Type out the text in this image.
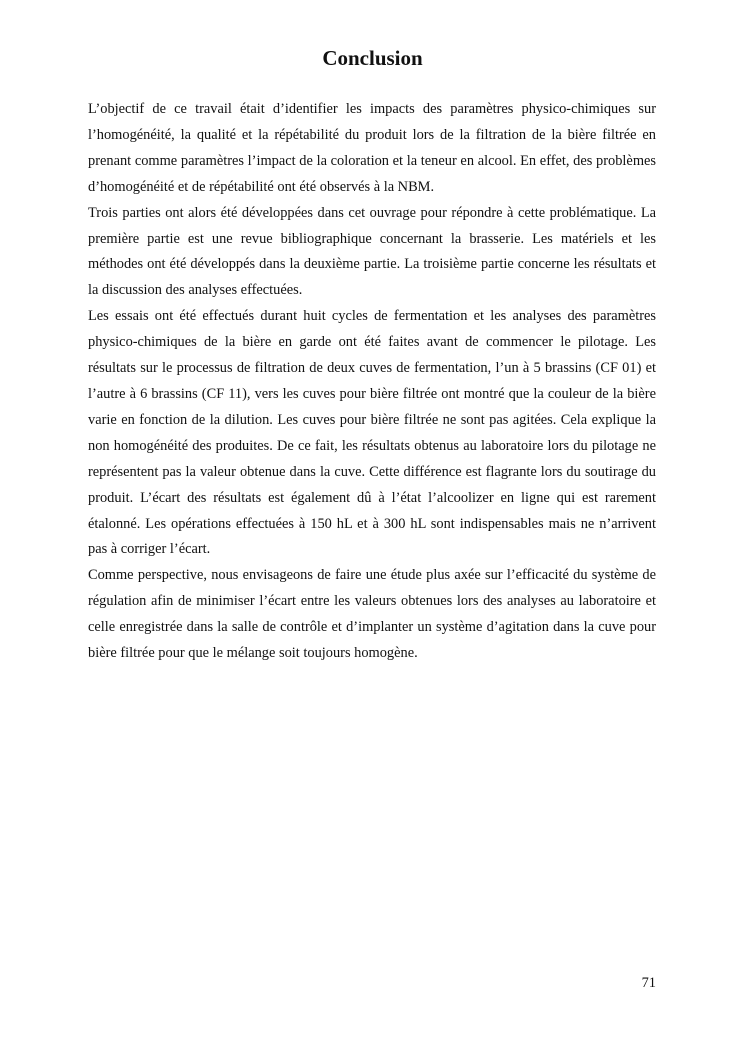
Conclusion

L’objectif de ce travail était d’identifier les impacts des paramètres physico-chimiques sur l’homogénéité, la qualité et la répétabilité du produit lors de la filtration de la bière filtrée en prenant comme paramètres l’impact de la coloration et la teneur en alcool. En effet, des problèmes d’homogénéité et de répétabilité ont été observés à la NBM.

Trois parties ont alors été développées dans cet ouvrage pour répondre à cette problématique. La première partie est une revue bibliographique concernant la brasserie. Les matériels et les méthodes ont été développés dans la deuxième partie. La troisième partie concerne les résultats et la discussion des analyses effectuées.

Les essais ont été effectués durant huit cycles de fermentation et les analyses des paramètres physico-chimiques de la bière en garde ont été faites avant de commencer le pilotage. Les résultats sur le processus de filtration de deux cuves de fermentation, l’un à 5 brassins (CF 01) et l’autre à 6 brassins (CF 11), vers les cuves pour bière filtrée ont montré que la couleur de la bière varie en fonction de la dilution. Les cuves pour bière filtrée ne sont pas agitées. Cela explique la non homogénéité des produites. De ce fait, les résultats obtenus au laboratoire lors du pilotage ne représentent pas la valeur obtenue dans la cuve. Cette différence est flagrante lors du soutirage du produit. L’écart des résultats est également dû à l’état l’alcoolizer en ligne qui est rarement étalonné. Les opérations effectuées à 150 hL et à 300 hL sont indispensables mais ne n’arrivent pas à corriger l’écart.

Comme perspective, nous envisageons de faire une étude plus axée sur l’efficacité du système de régulation afin de minimiser l’écart entre les valeurs obtenues lors des analyses au laboratoire et celle enregistrée dans la salle de contrôle et d’implanter un système d’agitation dans la cuve pour bière filtrée pour que le mélange soit toujours homogène.

71
